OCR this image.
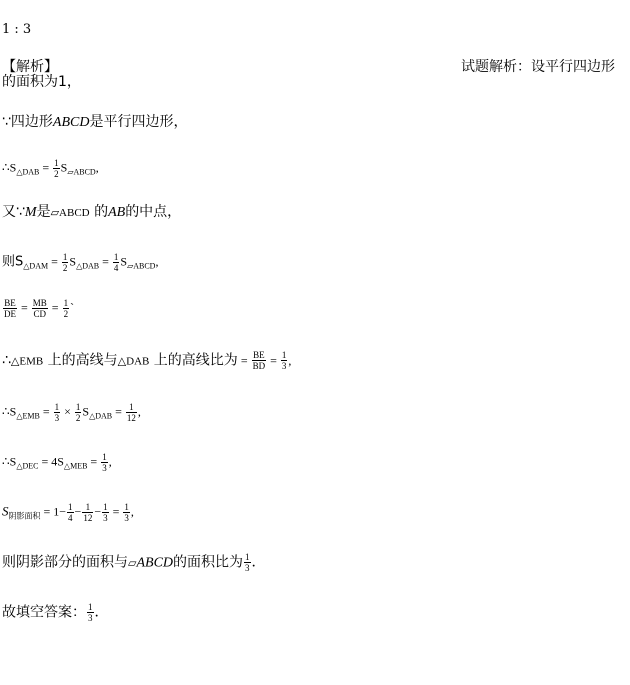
1 : 3
【解析】	试题解析：设平行四边形
的面积为1，
∵四边形ABCD是平行四边形，
$\therefore S_{\triangle DAB} = \frac{1}{2} S_{▱ABCD}$,
又∵M是▱ABCD 的AB的中点，
则$S_{\triangle DAM} = \frac{1}{2} S_{\triangle DAB} = \frac{1}{4} S_{▱ABCD}$,
$\frac{BE}{DE} = \frac{MB}{CD} = \frac{1}{2}$ `
∴△EMB 上的高线与△DAB 上的高线比为 = $\frac{BE}{BD} = \frac{1}{3}$ ,
$\therefore S_{\triangle EMB} = \frac{1}{3} \times \frac{1}{2} S_{\triangle DAB} = \frac{1}{12}$ ,
$\therefore S_{\triangle DEC} = 4S_{\triangle MEB} = \frac{1}{3}$ ,
$S_{阴影面积} = 1- \frac{1}{4} - \frac{1}{12} - \frac{1}{3} = \frac{1}{3}$ ,
则阴影部分的面积与▱ABCD的面积比为 $\frac{1}{3}$ ．
故填空答案： $\frac{1}{3}$ ．
